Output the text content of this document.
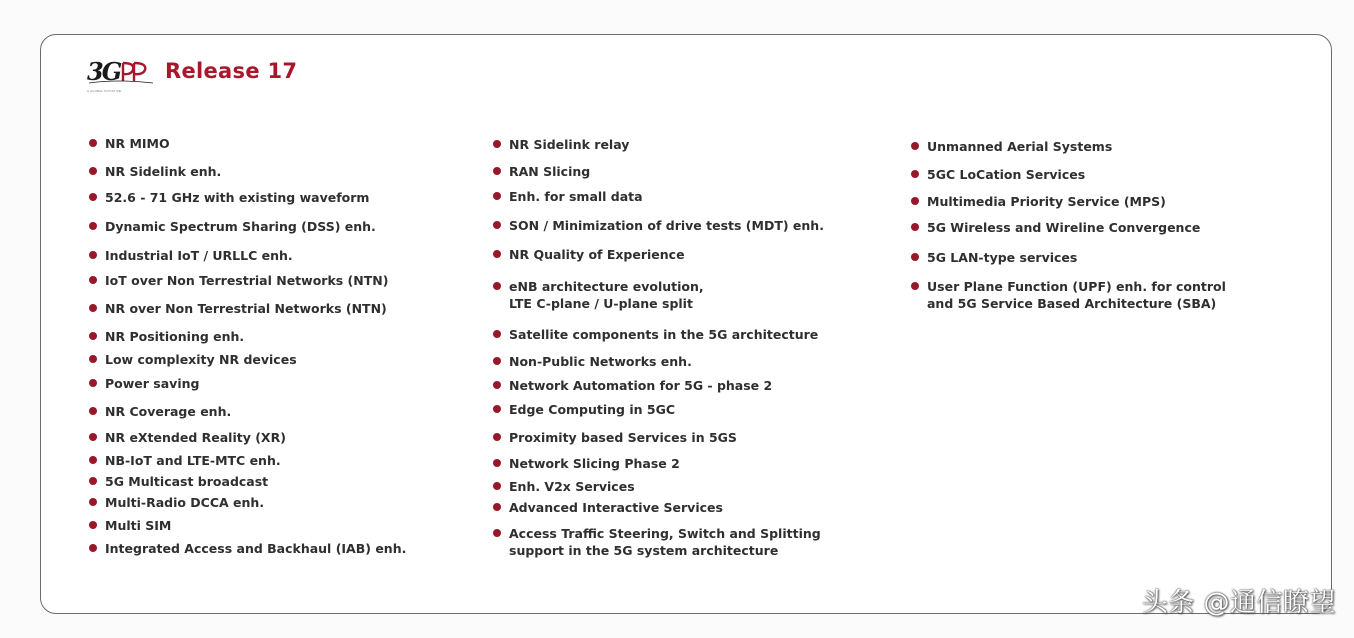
3G
A GLOBAL INITIATIVE
Release 17
NR MIMO
NR Sidelink enh.
52.6 - 71 GHz with existing waveform
Dynamic Spectrum Sharing (DSS) enh.
Industrial IoT / URLLC enh.
IoT over Non Terrestrial Networks (NTN)
NR over Non Terrestrial Networks (NTN)
NR Positioning enh.
Low complexity NR devices
Power saving
NR Coverage enh.
NR eXtended Reality (XR)
NB-IoT and LTE-MTC enh.
5G Multicast broadcast
Multi-Radio DCCA enh.
Multi SIM
Integrated Access and Backhaul (IAB) enh.
NR Sidelink relay
RAN Slicing
Enh. for small data
SON / Minimization of drive tests (MDT) enh.
NR Quality of Experience
eNB architecture evolution,
LTE C-plane / U-plane split
Satellite components in the 5G architecture
Non-Public Networks enh.
Network Automation for 5G - phase 2
Edge Computing in 5GC
Proximity based Services in 5GS
Network Slicing Phase 2
Enh. V2x Services
Advanced Interactive Services
Access Traffic Steering, Switch and Splitting
support in the 5G system architecture
Unmanned Aerial Systems
5GC LoCation Services
Multimedia Priority Service (MPS)
5G Wireless and Wireline Convergence
5G LAN-type services
User Plane Function (UPF) enh. for control
and 5G Service Based Architecture (SBA)
头条 @通信瞭望
